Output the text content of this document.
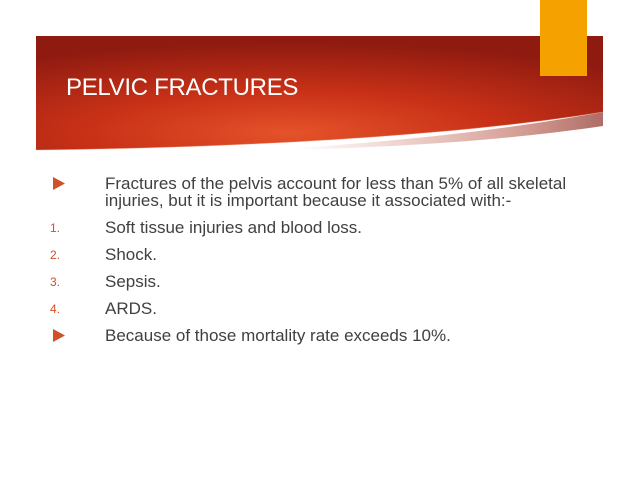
PELVIC FRACTURES
Fractures of the pelvis account for less than 5% of all skeletal injuries, but it is important because it associated with:-
1.	Soft tissue injuries and blood loss.
2.	Shock.
3.	Sepsis.
4.	ARDS.
Because of those mortality rate exceeds 10%.
